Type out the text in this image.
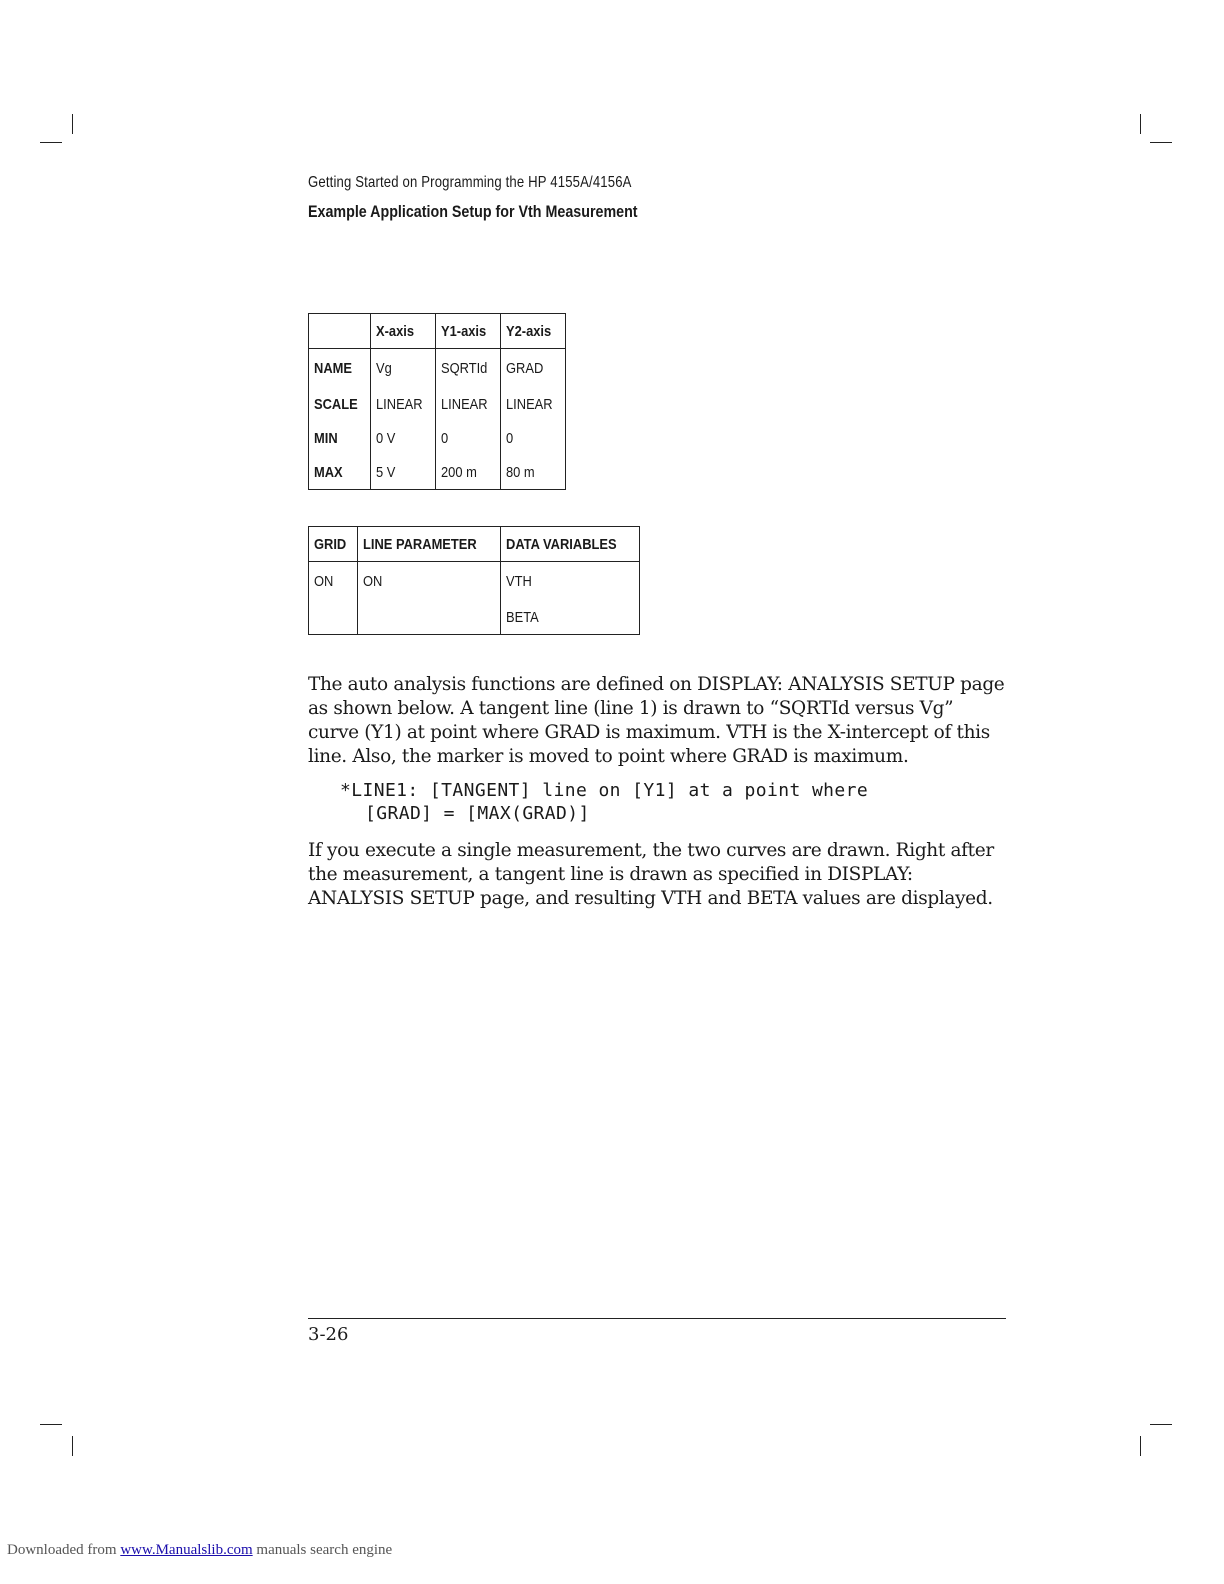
Getting Started on Programming the HP 4155A/4156A
Example Application Setup for Vth Measurement
	X-axis	Y1-axis	Y2-axis
NAME	Vg	SQRTId	GRAD
SCALE	LINEAR	LINEAR	LINEAR
MIN	0 V	0	0
MAX	5 V	200 m	80 m
GRID	LINE PARAMETER	DATA VARIABLES
ON	ON	VTH
		BETA
The auto analysis functions are defined on DISPLAY: ANALYSIS SETUP page as shown below. A tangent line (line 1) is drawn to “SQRTId versus Vg” curve (Y1) at point where GRAD is maximum. VTH is the X-intercept of this line. Also, the marker is moved to point where GRAD is maximum.
*LINE1: [TANGENT] line on [Y1] at a point where
[GRAD] = [MAX(GRAD)]
If you execute a single measurement, the two curves are drawn. Right after the measurement, a tangent line is drawn as specified in DISPLAY: ANALYSIS SETUP page, and resulting VTH and BETA values are displayed.
3-26
Downloaded from www.Manualslib.com manuals search engine
